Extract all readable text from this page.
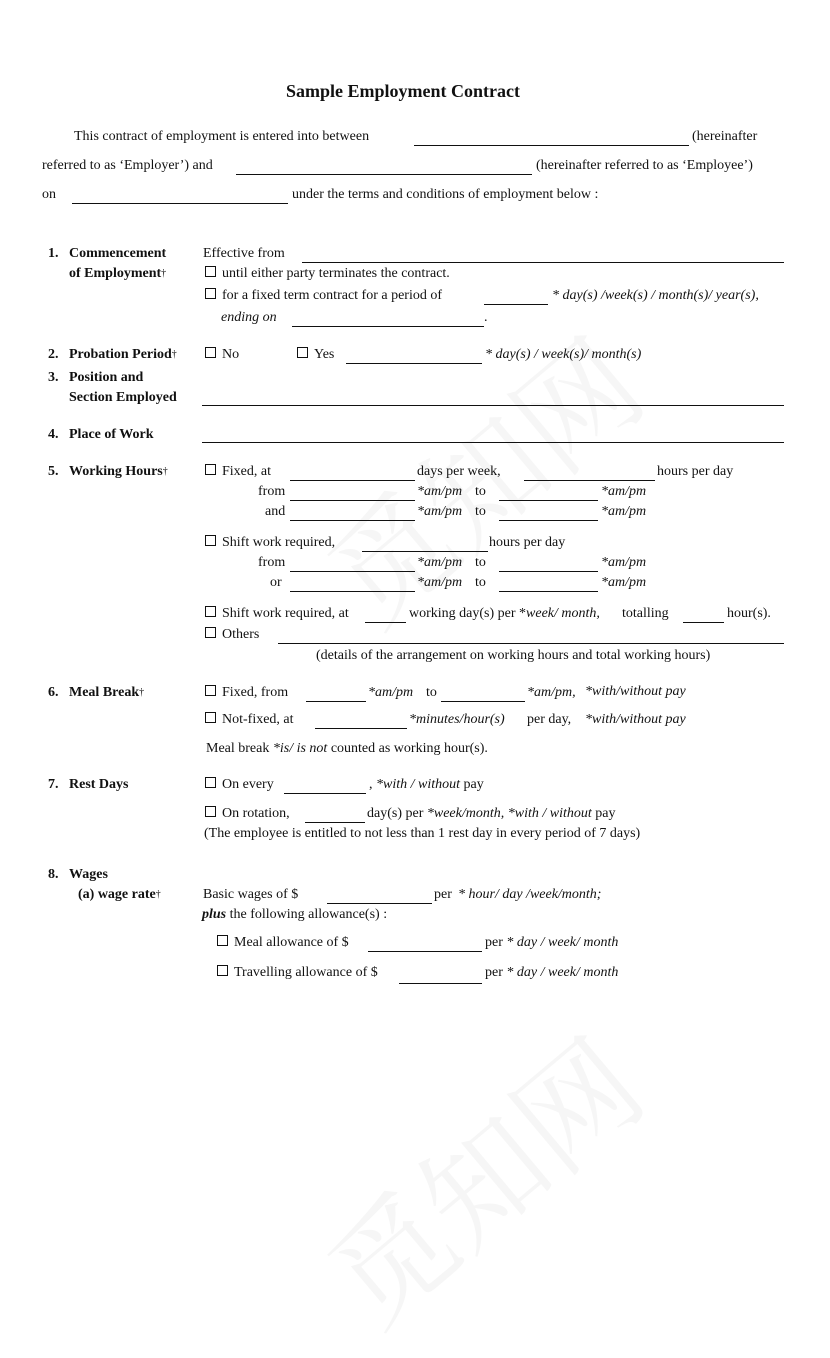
Sample Employment Contract
This contract of employment is entered into between	(hereinafter
referred to as ‘Employer’) and	(hereinafter referred to as ‘Employee’)
on	under the terms and conditions of employment below :
1. Commencement
of Employment†
Effective from
until either party terminates the contract.
for a fixed term contract for a period of	* day(s) /week(s) / month(s)/ year(s),
ending on	.
2. Probation Period†	No	Yes	* day(s) / week(s)/ month(s)
3. Position and
Section Employed
4. Place of Work
5. Working Hours†	Fixed, at	days per week,	hours per day
from	*am/pm to	*am/pm
and	*am/pm to	*am/pm
Shift work required,	hours per day
from	*am/pm to	*am/pm
or	*am/pm to	*am/pm
Shift work required, at	working day(s) per *week/ month, totalling	hour(s).
Others
(details of the arrangement on working hours and total working hours)
6. Meal Break†	Fixed, from	*am/pm to	*am/pm, *with/without pay
Not-fixed, at	*minutes/hour(s) per day, *with/without pay
Meal break *is/ is not counted as working hour(s).
7. Rest Days	On every	, *with / without pay
On rotation,	day(s) per *week/month, *with / without pay
(The employee is entitled to not less than 1 rest day in every period of 7 days)
8. Wages
(a) wage rate†	Basic wages of $	per * hour/ day /week/month;
plus the following allowance(s) :
Meal allowance of $	per * day / week/ month
Travelling allowance of $	per * day / week/ month
